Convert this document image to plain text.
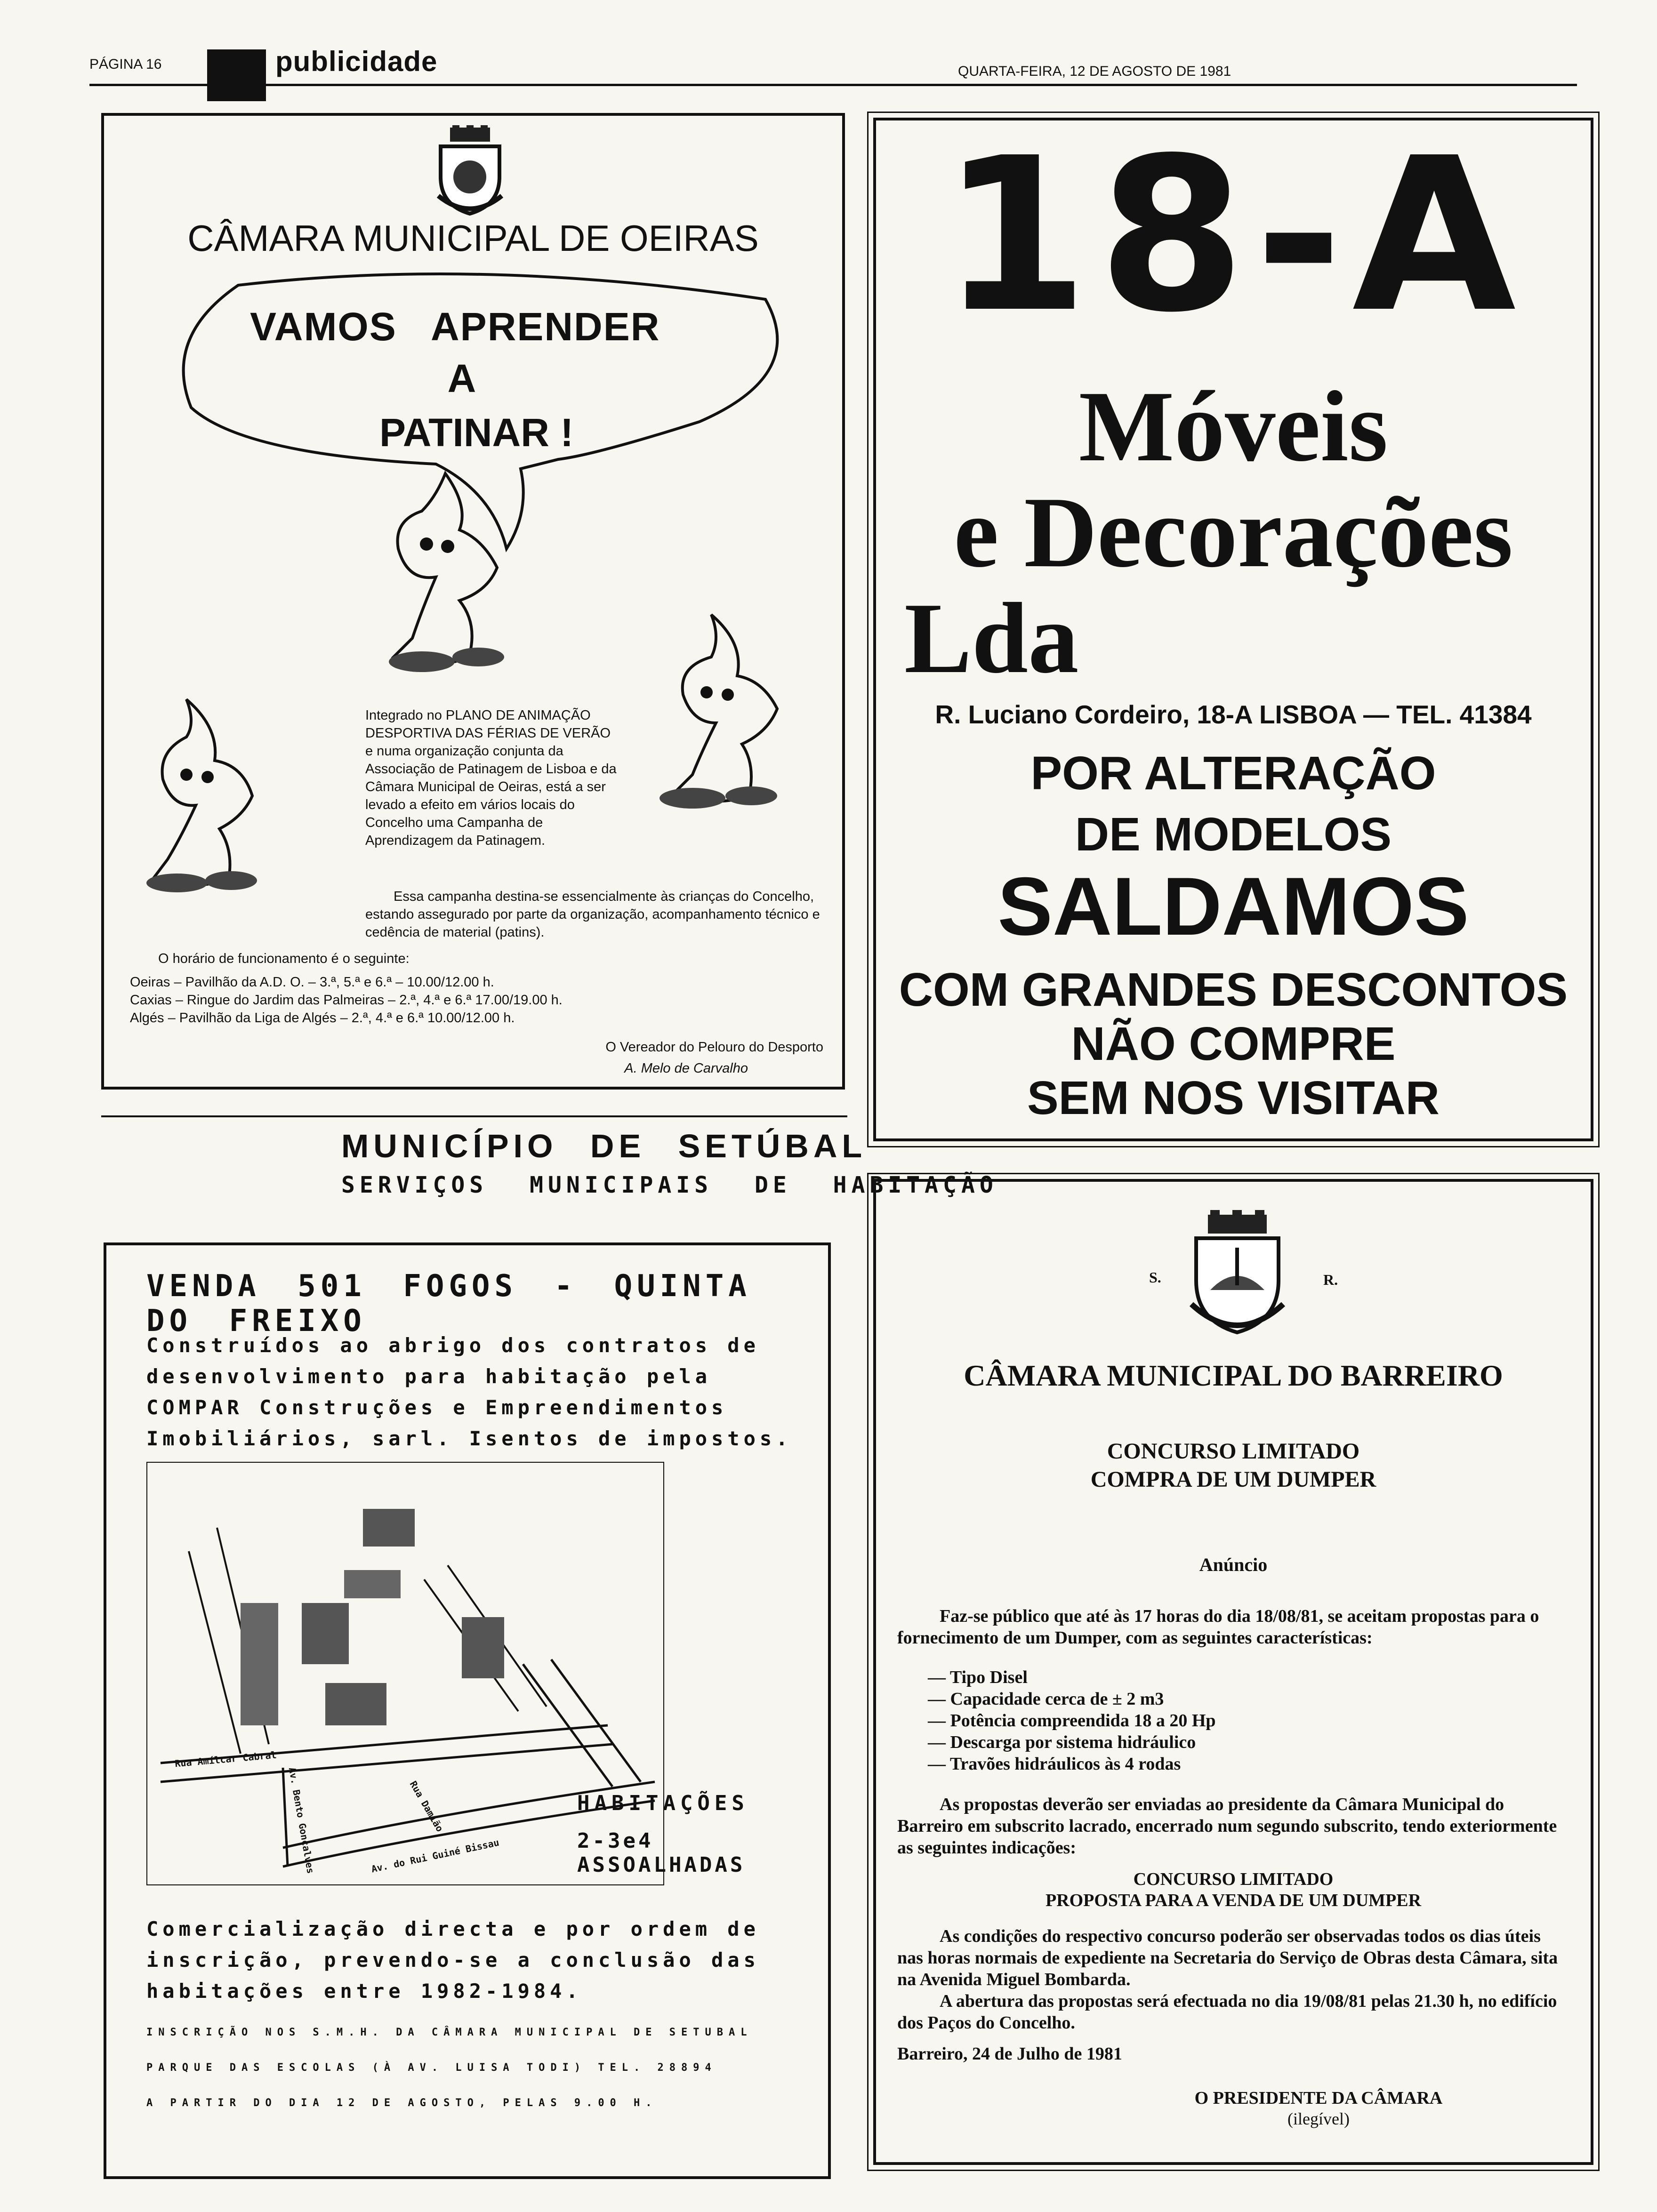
PÁGINA 16	publicidade	QUARTA-FEIRA, 12 DE AGOSTO DE 1981
CÂMARA MUNICIPAL DE OEIRAS
VAMOS APRENDER
A
PATINAR !

Integrado no PLANO DE ANIMAÇÃO DESPORTIVA DAS FÉRIAS DE VERÃO e numa organização conjunta da Associação de Patinagem de Lisboa e da Câmara Municipal de Oeiras, está a ser levado a efeito em vários locais do Concelho uma Campanha de Aprendizagem da Patinagem.

Essa campanha destina-se essencialmente às crianças do Concelho, estando assegurado por parte da organização, acompanhamento técnico e cedência de material (patins).

O horário de funcionamento é o seguinte:

Oeiras – Pavilhão da A.D. O. – 3.ª, 5.ª e 6.ª – 10.00/12.00 h.

Caxias – Ringue do Jardim das Palmeiras – 2.ª, 4.ª e 6.ª 17.00/19.00 h.

Algés – Pavilhão da Liga de Algés – 2.ª, 4.ª e 6.ª 10.00/12.00 h.

O Vereador do Pelouro do Desporto

A. Melo de Carvalho

18-A
Móveis
e Decorações
Lda
R. Luciano Cordeiro, 18-A LISBOA — TEL. 41384
POR ALTERAÇÃO
DE MODELOS
SALDAMOS
COM GRANDES DESCONTOS
NÃO COMPRE
SEM NOS VISITAR
MUNICÍPIO DE SETÚBAL
SERVIÇOS MUNICIPAIS DE HABITAÇÃO
VENDA 501 FOGOS - QUINTA DO FREIXO

Construídos ao abrigo dos contratos de desenvolvimento para habitação pela COMPAR Construções e Empreendimentos Imobiliários, sarl. Isentos de impostos.

Rua Amílcar Cabral
Av. Bento Gonçalves	Rua Damião
Av. do Rui Guiné Bissau
HABITAÇÕES
2-3e4 ASSOALHADAS

Comercialização directa e por ordem de inscrição, prevendo-se a conclusão das habitações entre 1982-1984.

INSCRIÇÃO NOS S.M.H. DA CÂMARA MUNICIPAL DE SETUBAL

PARQUE DAS ESCOLAS (À AV. LUISA TODI) TEL. 28894

A PARTIR DO DIA 12 DE AGOSTO, PELAS 9.00 H.

S.	R.
CÂMARA MUNICIPAL DO BARREIRO
CONCURSO LIMITADO
COMPRA DE UM DUMPER
Anúncio

Faz-se público que até às 17 horas do dia 18/08/81, se aceitam propostas para o fornecimento de um Dumper, com as seguintes características:

— Tipo Disel
— Capacidade cerca de ± 2 m3
— Potência compreendida 18 a 20 Hp
— Descarga por sistema hidráulico
— Travões hidráulicos às 4 rodas

As propostas deverão ser enviadas ao presidente da Câmara Municipal do Barreiro em subscrito lacrado, encerrado num segundo subscrito, tendo exteriormente as seguintes indicações:

CONCURSO LIMITADO
PROPOSTA PARA A VENDA DE UM DUMPER

As condições do respectivo concurso poderão ser observadas todos os dias úteis nas horas normais de expediente na Secretaria do Serviço de Obras desta Câmara, sita na Avenida Miguel Bombarda.

A abertura das propostas será efectuada no dia 19/08/81 pelas 21.30 h, no edifício dos Paços do Concelho.

Barreiro, 24 de Julho de 1981

O PRESIDENTE DA CÂMARA
(ilegível)
